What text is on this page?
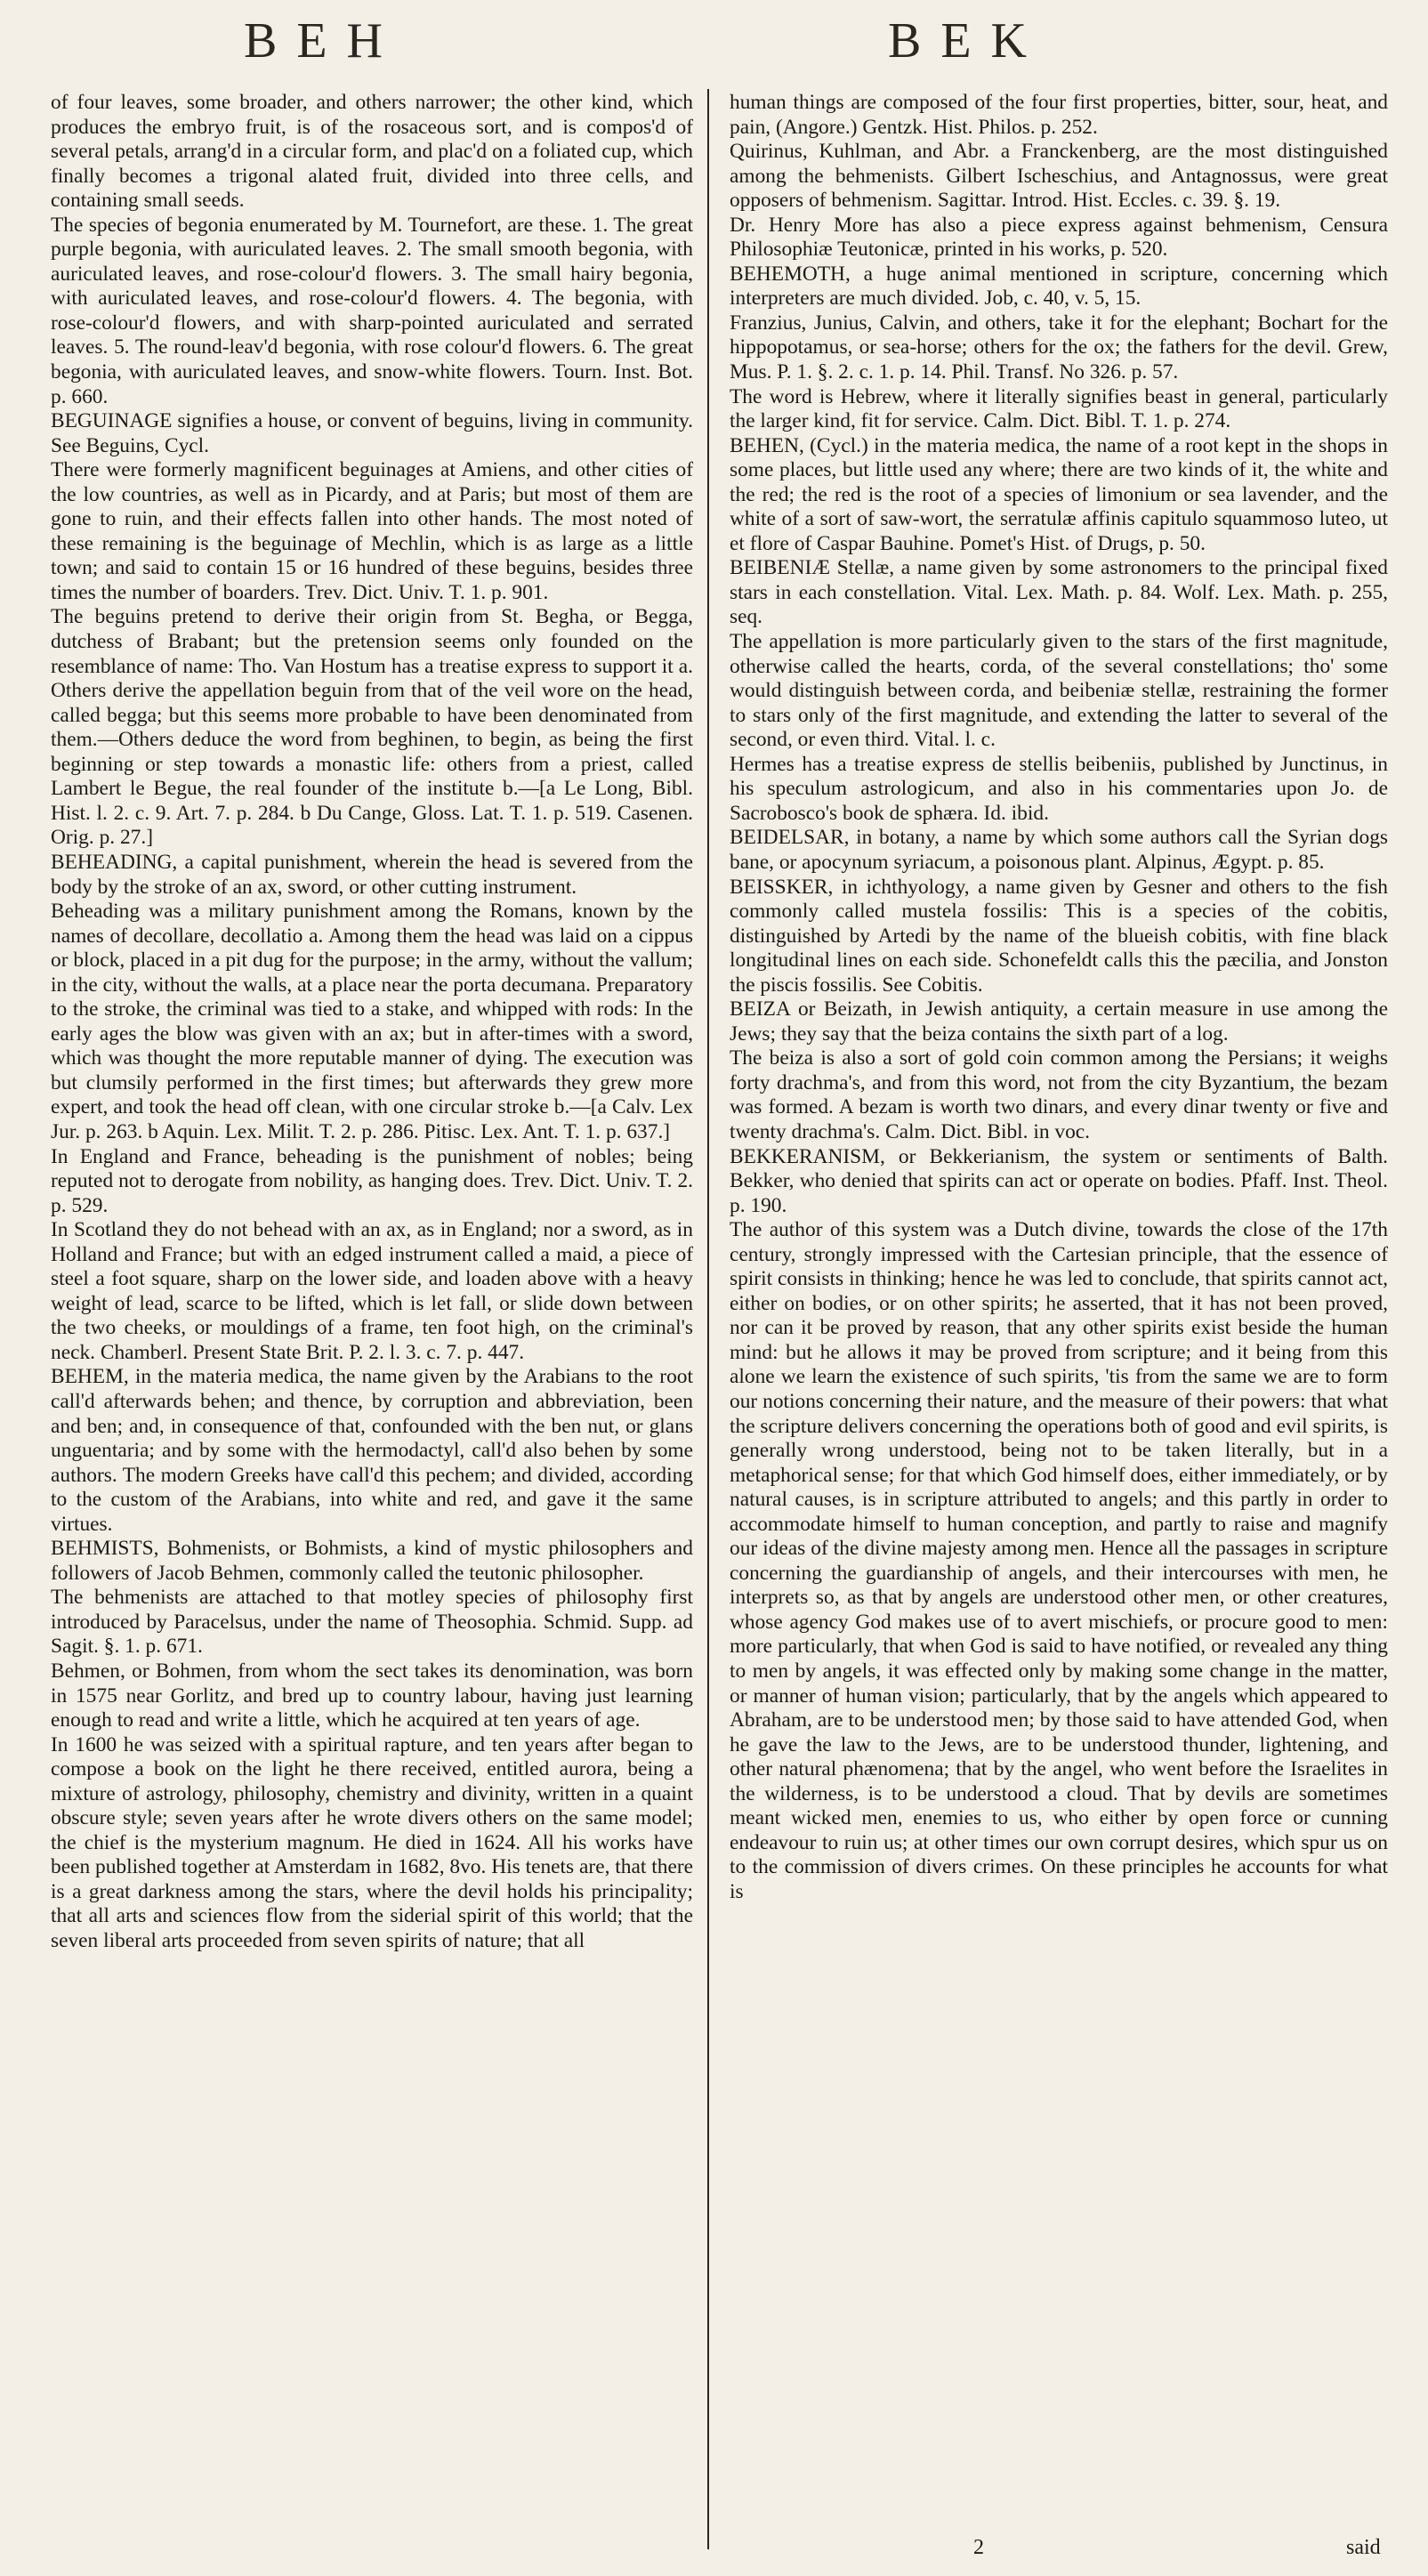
BEH	BEK

of four leaves, some broader, and others narrower; the other kind, which produces the embryo fruit, is of the rosaceous sort, and is compos'd of several petals, arrang'd in a circular form, and plac'd on a foliated cup, which finally becomes a trigonal alated fruit, divided into three cells, and containing small seeds.

The species of begonia enumerated by M. Tournefort, are these. 1. The great purple begonia, with auriculated leaves. 2. The small smooth begonia, with auriculated leaves, and rose-colour'd flowers. 3. The small hairy begonia, with auriculated leaves, and rose-colour'd flowers. 4. The begonia, with rose-colour'd flowers, and with sharp-pointed auriculated and serrated leaves. 5. The round-leav'd begonia, with rose colour'd flowers. 6. The great begonia, with auriculated leaves, and snow-white flowers. Tourn. Inst. Bot. p. 660.

BEGUINAGE signifies a house, or convent of beguins, living in community. See Beguins, Cycl.

There were formerly magnificent beguinages at Amiens, and other cities of the low countries, as well as in Picardy, and at Paris; but most of them are gone to ruin, and their effects fallen into other hands. The most noted of these remaining is the beguinage of Mechlin, which is as large as a little town; and said to contain 15 or 16 hundred of these beguins, besides three times the number of boarders. Trev. Dict. Univ. T. 1. p. 901.

The beguins pretend to derive their origin from St. Begha, or Begga, dutchess of Brabant; but the pretension seems only founded on the resemblance of name: Tho. Van Hostum has a treatise express to support it a. Others derive the appellation beguin from that of the veil wore on the head, called begga; but this seems more probable to have been denominated from them.—Others deduce the word from beghinen, to begin, as being the first beginning or step towards a monastic life: others from a priest, called Lambert le Begue, the real founder of the institute b.—[a Le Long, Bibl. Hist. l. 2. c. 9. Art. 7. p. 284. b Du Cange, Gloss. Lat. T. 1. p. 519. Casenen. Orig. p. 27.]

BEHEADING, a capital punishment, wherein the head is severed from the body by the stroke of an ax, sword, or other cutting instrument.

Beheading was a military punishment among the Romans, known by the names of decollare, decollatio a. Among them the head was laid on a cippus or block, placed in a pit dug for the purpose; in the army, without the vallum; in the city, without the walls, at a place near the porta decumana. Preparatory to the stroke, the criminal was tied to a stake, and whipped with rods: In the early ages the blow was given with an ax; but in after-times with a sword, which was thought the more reputable manner of dying. The execution was but clumsily performed in the first times; but afterwards they grew more expert, and took the head off clean, with one circular stroke b.—[a Calv. Lex Jur. p. 263. b Aquin. Lex. Milit. T. 2. p. 286. Pitisc. Lex. Ant. T. 1. p. 637.]

In England and France, beheading is the punishment of nobles; being reputed not to derogate from nobility, as hanging does. Trev. Dict. Univ. T. 2. p. 529.

In Scotland they do not behead with an ax, as in England; nor a sword, as in Holland and France; but with an edged instrument called a maid, a piece of steel a foot square, sharp on the lower side, and loaden above with a heavy weight of lead, scarce to be lifted, which is let fall, or slide down between the two cheeks, or mouldings of a frame, ten foot high, on the criminal's neck. Chamberl. Present State Brit. P. 2. l. 3. c. 7. p. 447.

BEHEM, in the materia medica, the name given by the Arabians to the root call'd afterwards behen; and thence, by corruption and abbreviation, been and ben; and, in consequence of that, confounded with the ben nut, or glans unguentaria; and by some with the hermodactyl, call'd also behen by some authors. The modern Greeks have call'd this pechem; and divided, according to the custom of the Arabians, into white and red, and gave it the same virtues.

BEHMISTS, Bohmenists, or Bohmists, a kind of mystic philosophers and followers of Jacob Behmen, commonly called the teutonic philosopher.

The behmenists are attached to that motley species of philosophy first introduced by Paracelsus, under the name of Theosophia. Schmid. Supp. ad Sagit. §. 1. p. 671.

Behmen, or Bohmen, from whom the sect takes its denomination, was born in 1575 near Gorlitz, and bred up to country labour, having just learning enough to read and write a little, which he acquired at ten years of age.

In 1600 he was seized with a spiritual rapture, and ten years after began to compose a book on the light he there received, entitled aurora, being a mixture of astrology, philosophy, chemistry and divinity, written in a quaint obscure style; seven years after he wrote divers others on the same model; the chief is the mysterium magnum. He died in 1624. All his works have been published together at Amsterdam in 1682, 8vo. His tenets are, that there is a great darkness among the stars, where the devil holds his principality; that all arts and sciences flow from the siderial spirit of this world; that the seven liberal arts proceeded from seven spirits of nature; that all

human things are composed of the four first properties, bitter, sour, heat, and pain, (Angore.) Gentzk. Hist. Philos. p. 252.

Quirinus, Kuhlman, and Abr. a Franckenberg, are the most distinguished among the behmenists. Gilbert Ischeschius, and Antagnossus, were great opposers of behmenism. Sagittar. Introd. Hist. Eccles. c. 39. §. 19.

Dr. Henry More has also a piece express against behmenism, Censura Philosophiæ Teutonicæ, printed in his works, p. 520.

BEHEMOTH, a huge animal mentioned in scripture, concerning which interpreters are much divided. Job, c. 40, v. 5, 15.

Franzius, Junius, Calvin, and others, take it for the elephant; Bochart for the hippopotamus, or sea-horse; others for the ox; the fathers for the devil. Grew, Mus. P. 1. §. 2. c. 1. p. 14. Phil. Transf. No 326. p. 57.

The word is Hebrew, where it literally signifies beast in general, particularly the larger kind, fit for service. Calm. Dict. Bibl. T. 1. p. 274.

BEHEN, (Cycl.) in the materia medica, the name of a root kept in the shops in some places, but little used any where; there are two kinds of it, the white and the red; the red is the root of a species of limonium or sea lavender, and the white of a sort of saw-wort, the serratulæ affinis capitulo squammoso luteo, ut et flore of Caspar Bauhine. Pomet's Hist. of Drugs, p. 50.

BEIBENIÆ Stellæ, a name given by some astronomers to the principal fixed stars in each constellation. Vital. Lex. Math. p. 84. Wolf. Lex. Math. p. 255, seq.

The appellation is more particularly given to the stars of the first magnitude, otherwise called the hearts, corda, of the several constellations; tho' some would distinguish between corda, and beibeniæ stellæ, restraining the former to stars only of the first magnitude, and extending the latter to several of the second, or even third. Vital. l. c.

Hermes has a treatise express de stellis beibeniis, published by Junctinus, in his speculum astrologicum, and also in his commentaries upon Jo. de Sacrobosco's book de sphæra. Id. ibid.

BEIDELSAR, in botany, a name by which some authors call the Syrian dogs bane, or apocynum syriacum, a poisonous plant. Alpinus, Ægypt. p. 85.

BEISSKER, in ichthyology, a name given by Gesner and others to the fish commonly called mustela fossilis: This is a species of the cobitis, distinguished by Artedi by the name of the blueish cobitis, with fine black longitudinal lines on each side. Schonefeldt calls this the pæcilia, and Jonston the piscis fossilis. See Cobitis.

BEIZA or Beizath, in Jewish antiquity, a certain measure in use among the Jews; they say that the beiza contains the sixth part of a log.

The beiza is also a sort of gold coin common among the Persians; it weighs forty drachma's, and from this word, not from the city Byzantium, the bezam was formed. A bezam is worth two dinars, and every dinar twenty or five and twenty drachma's. Calm. Dict. Bibl. in voc.

BEKKERANISM, or Bekkerianism, the system or sentiments of Balth. Bekker, who denied that spirits can act or operate on bodies. Pfaff. Inst. Theol. p. 190.

The author of this system was a Dutch divine, towards the close of the 17th century, strongly impressed with the Cartesian principle, that the essence of spirit consists in thinking; hence he was led to conclude, that spirits cannot act, either on bodies, or on other spirits; he asserted, that it has not been proved, nor can it be proved by reason, that any other spirits exist beside the human mind: but he allows it may be proved from scripture; and it being from this alone we learn the existence of such spirits, 'tis from the same we are to form our notions concerning their nature, and the measure of their powers: that what the scripture delivers concerning the operations both of good and evil spirits, is generally wrong understood, being not to be taken literally, but in a metaphorical sense; for that which God himself does, either immediately, or by natural causes, is in scripture attributed to angels; and this partly in order to accommodate himself to human conception, and partly to raise and magnify our ideas of the divine majesty among men. Hence all the passages in scripture concerning the guardianship of angels, and their intercourses with men, he interprets so, as that by angels are understood other men, or other creatures, whose agency God makes use of to avert mischiefs, or procure good to men: more particularly, that when God is said to have notified, or revealed any thing to men by angels, it was effected only by making some change in the matter, or manner of human vision; particularly, that by the angels which appeared to Abraham, are to be understood men; by those said to have attended God, when he gave the law to the Jews, are to be understood thunder, lightening, and other natural phænomena; that by the angel, who went before the Israelites in the wilderness, is to be understood a cloud. That by devils are sometimes meant wicked men, enemies to us, who either by open force or cunning endeavour to ruin us; at other times our own corrupt desires, which spur us on to the commission of divers crimes. On these principles he accounts for what is

2	said
